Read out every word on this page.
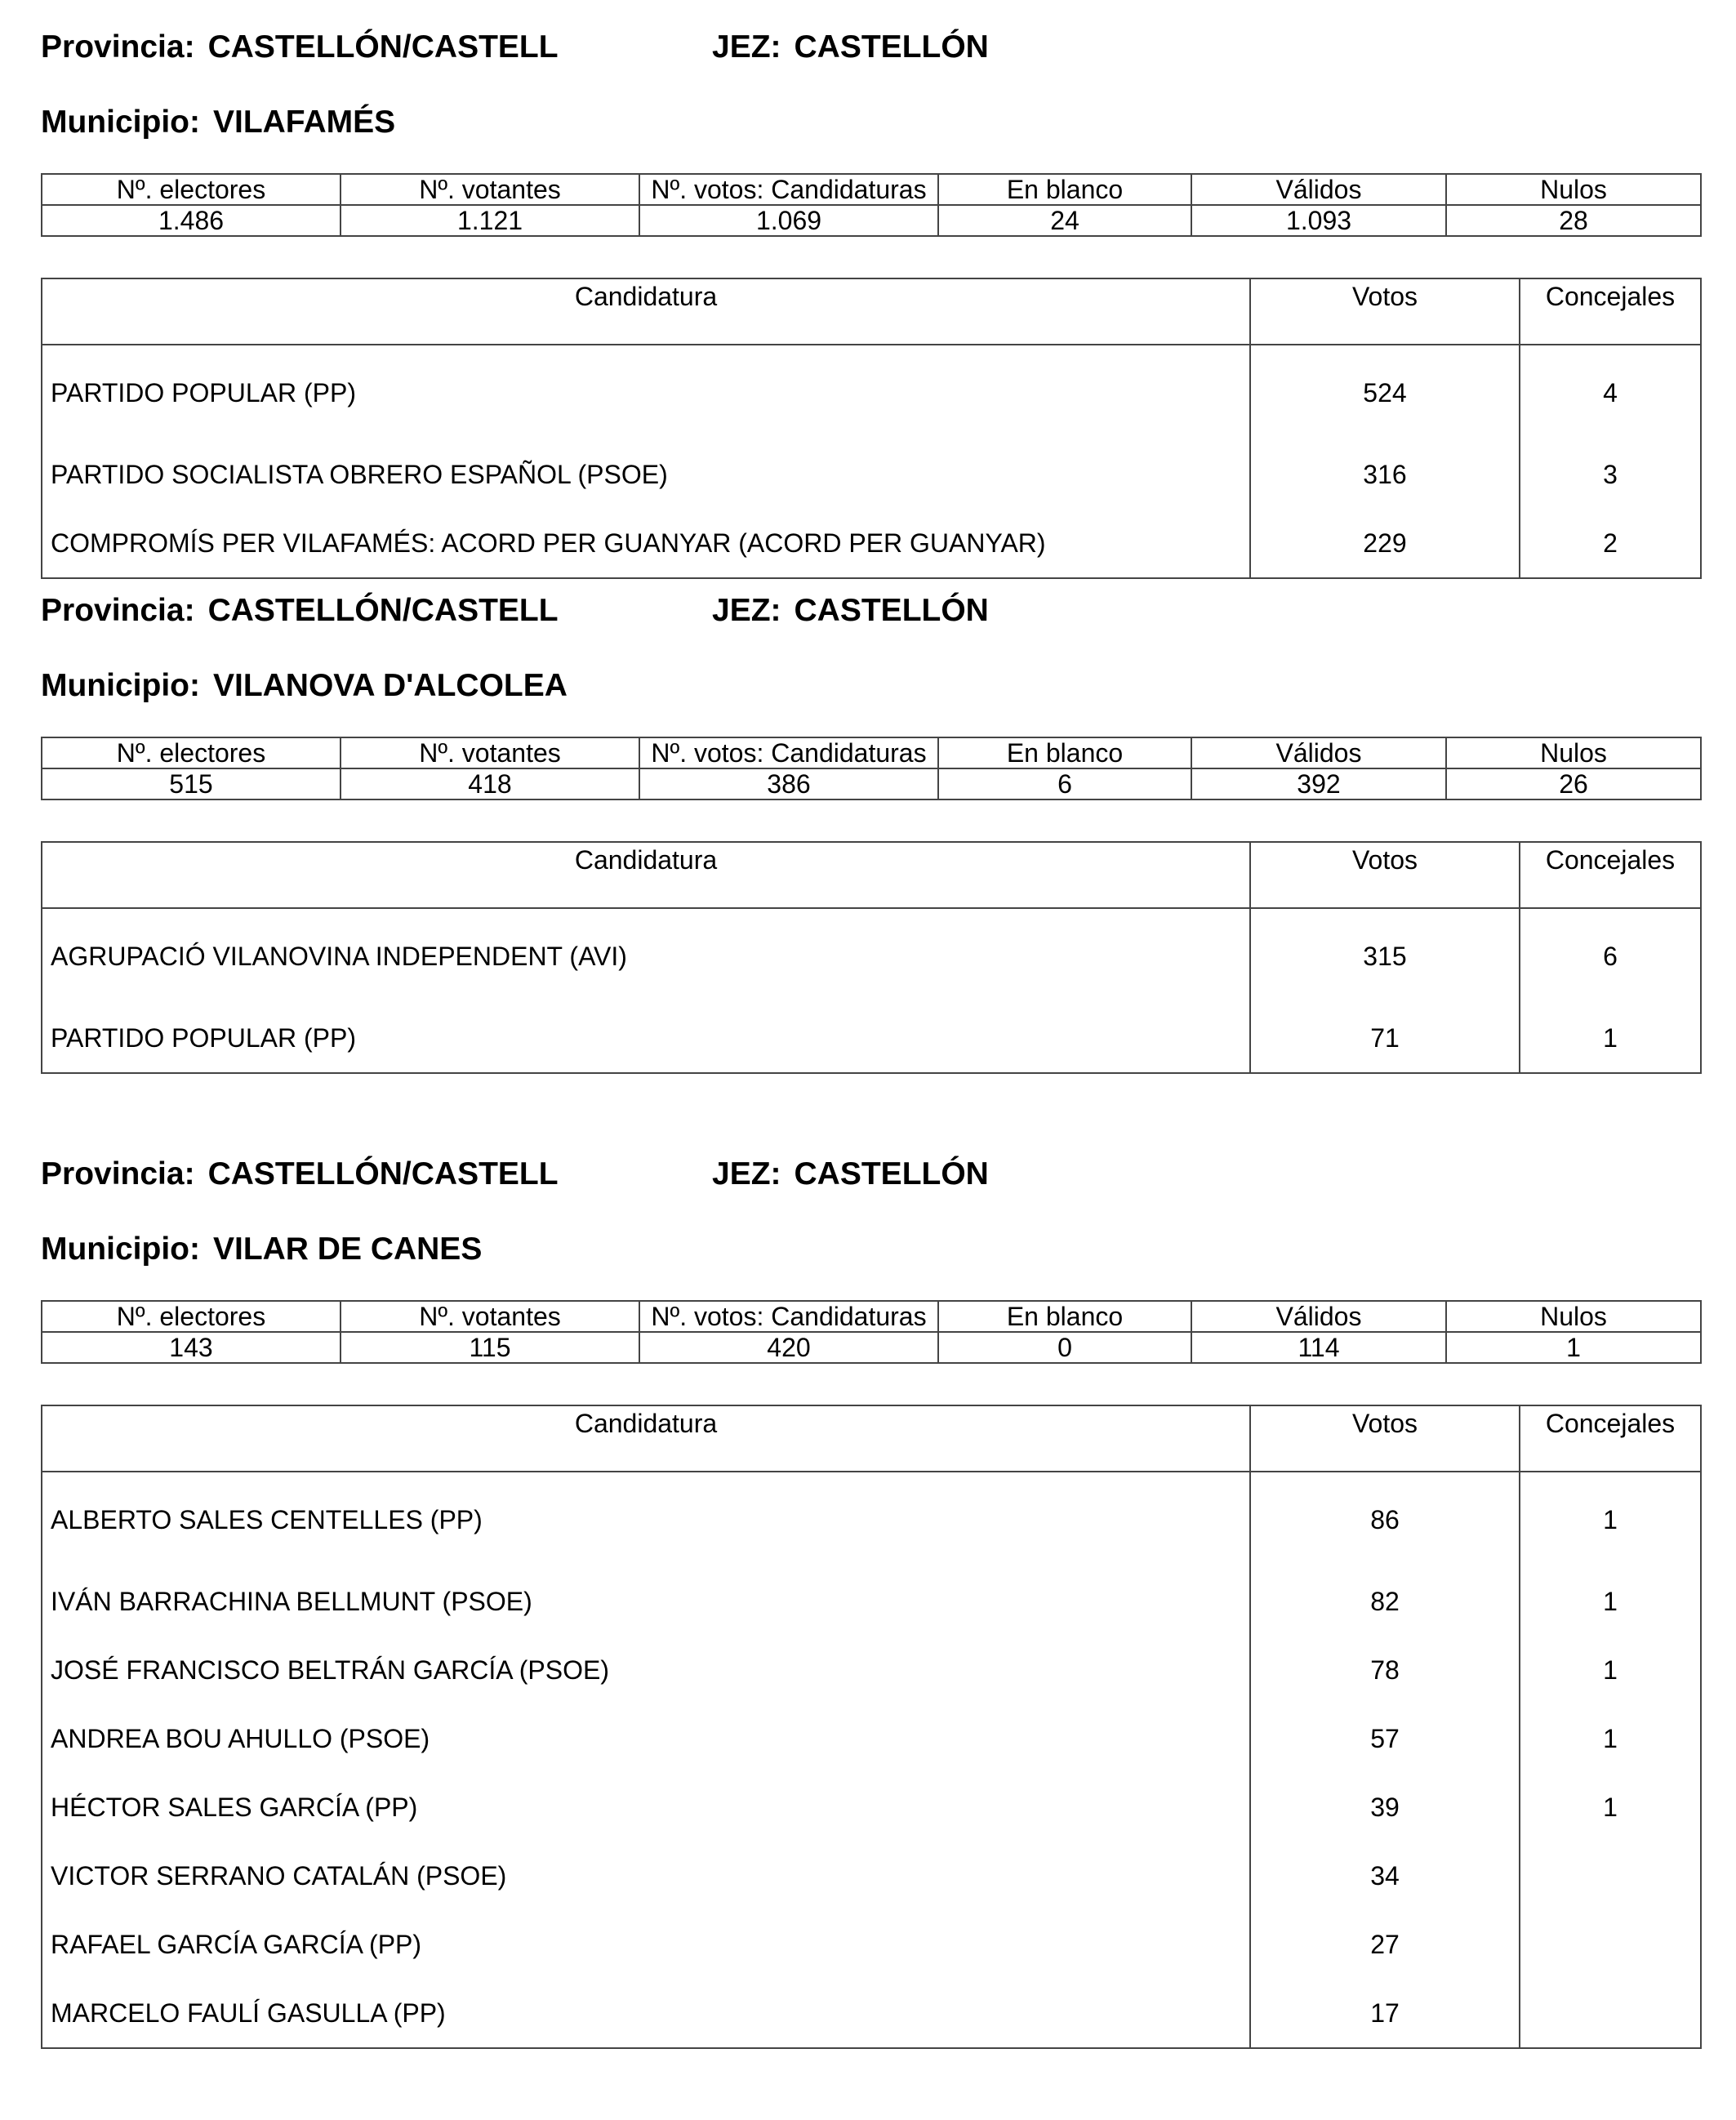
Provincia: CASTELLÓN/CASTELL	JEZ: CASTELLÓN
Municipio: VILAFAMÉS
Nº. electores	Nº. votantes	Nº. votos: Candidaturas	En blanco	Válidos	Nulos
1.486	1.121	1.069	24	1.093	28
Candidatura	Votos	Concejales
PARTIDO POPULAR (PP)	524	4
PARTIDO SOCIALISTA OBRERO ESPAÑOL (PSOE)	316	3
COMPROMÍS PER VILAFAMÉS: ACORD PER GUANYAR (ACORD PER GUANYAR)	229	2
Provincia: CASTELLÓN/CASTELL	JEZ: CASTELLÓN
Municipio: VILANOVA D'ALCOLEA
Nº. electores	Nº. votantes	Nº. votos: Candidaturas	En blanco	Válidos	Nulos
515	418	386	6	392	26
Candidatura	Votos	Concejales
AGRUPACIÓ VILANOVINA INDEPENDENT (AVI)	315	6
PARTIDO POPULAR (PP)	71	1
Provincia: CASTELLÓN/CASTELL	JEZ: CASTELLÓN
Municipio: VILAR DE CANES
Nº. electores	Nº. votantes	Nº. votos: Candidaturas	En blanco	Válidos	Nulos
143	115	420	0	114	1
Candidatura	Votos	Concejales
ALBERTO SALES CENTELLES (PP)	86	1
IVÁN BARRACHINA BELLMUNT (PSOE)	82	1
JOSÉ FRANCISCO BELTRÁN GARCÍA (PSOE)	78	1
ANDREA BOU AHULLO (PSOE)	57	1
HÉCTOR SALES GARCÍA (PP)	39	1
VICTOR SERRANO CATALÁN (PSOE)	34	
RAFAEL GARCÍA GARCÍA (PP)	27	
MARCELO FAULÍ GASULLA (PP)	17	
